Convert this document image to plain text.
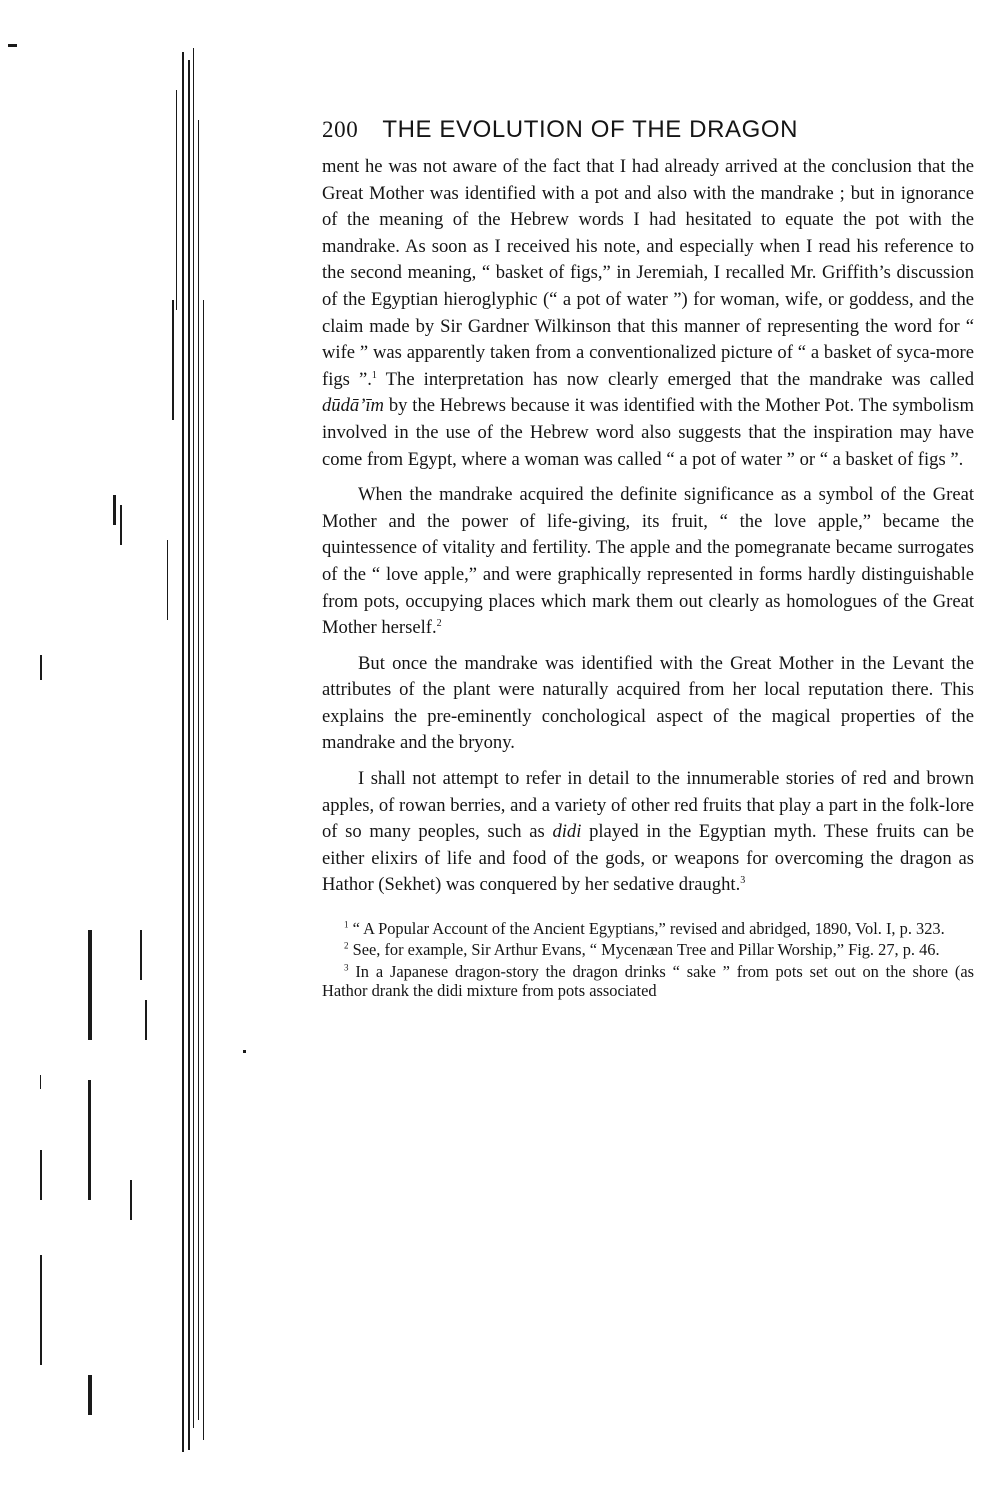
200 THE EVOLUTION OF THE DRAGON

ment he was not aware of the fact that I had already arrived at the conclusion that the Great Mother was identified with a pot and also with the mandrake ; but in ignorance of the meaning of the Hebrew words I had hesitated to equate the pot with the mandrake. As soon as I received his note, and especially when I read his reference to the second meaning, “ basket of figs,” in Jeremiah, I recalled Mr. Griffith’s discussion of the Egyptian hieroglyphic (“ a pot of water ”) for woman, wife, or goddess, and the claim made by Sir Gardner Wilkinson that this manner of representing the word for “ wife ” was apparently taken from a conventionalized picture of “ a basket of syca-more figs ”.$^1$ The interpretation has now clearly emerged that the mandrake was called dūdā’īm by the Hebrews because it was identified with the Mother Pot. The symbolism involved in the use of the Hebrew word also suggests that the inspiration may have come from Egypt, where a woman was called “ a pot of water ” or “ a basket of figs ”.

When the mandrake acquired the definite significance as a symbol of the Great Mother and the power of life-giving, its fruit, “ the love apple,” became the quintessence of vitality and fertility. The apple and the pomegranate became surrogates of the “ love apple,” and were graphically represented in forms hardly distinguishable from pots, occupying places which mark them out clearly as homologues of the Great Mother herself.$^2$

But once the mandrake was identified with the Great Mother in the Levant the attributes of the plant were naturally acquired from her local reputation there. This explains the pre-eminently conchological aspect of the magical properties of the mandrake and the bryony.

I shall not attempt to refer in detail to the innumerable stories of red and brown apples, of rowan berries, and a variety of other red fruits that play a part in the folk-lore of so many peoples, such as didi played in the Egyptian myth. These fruits can be either elixirs of life and food of the gods, or weapons for overcoming the dragon as Hathor (Sekhet) was conquered by her sedative draught.$^3$

$^1$ “ A Popular Account of the Ancient Egyptians,” revised and abridged, 1890, Vol. I, p. 323.

$^2$ See, for example, Sir Arthur Evans, “ Mycenæan Tree and Pillar Worship,” Fig. 27, p. 46.

$^3$ In a Japanese dragon-story the dragon drinks “ sake ” from pots set out on the shore (as Hathor drank the didi mixture from pots associated
